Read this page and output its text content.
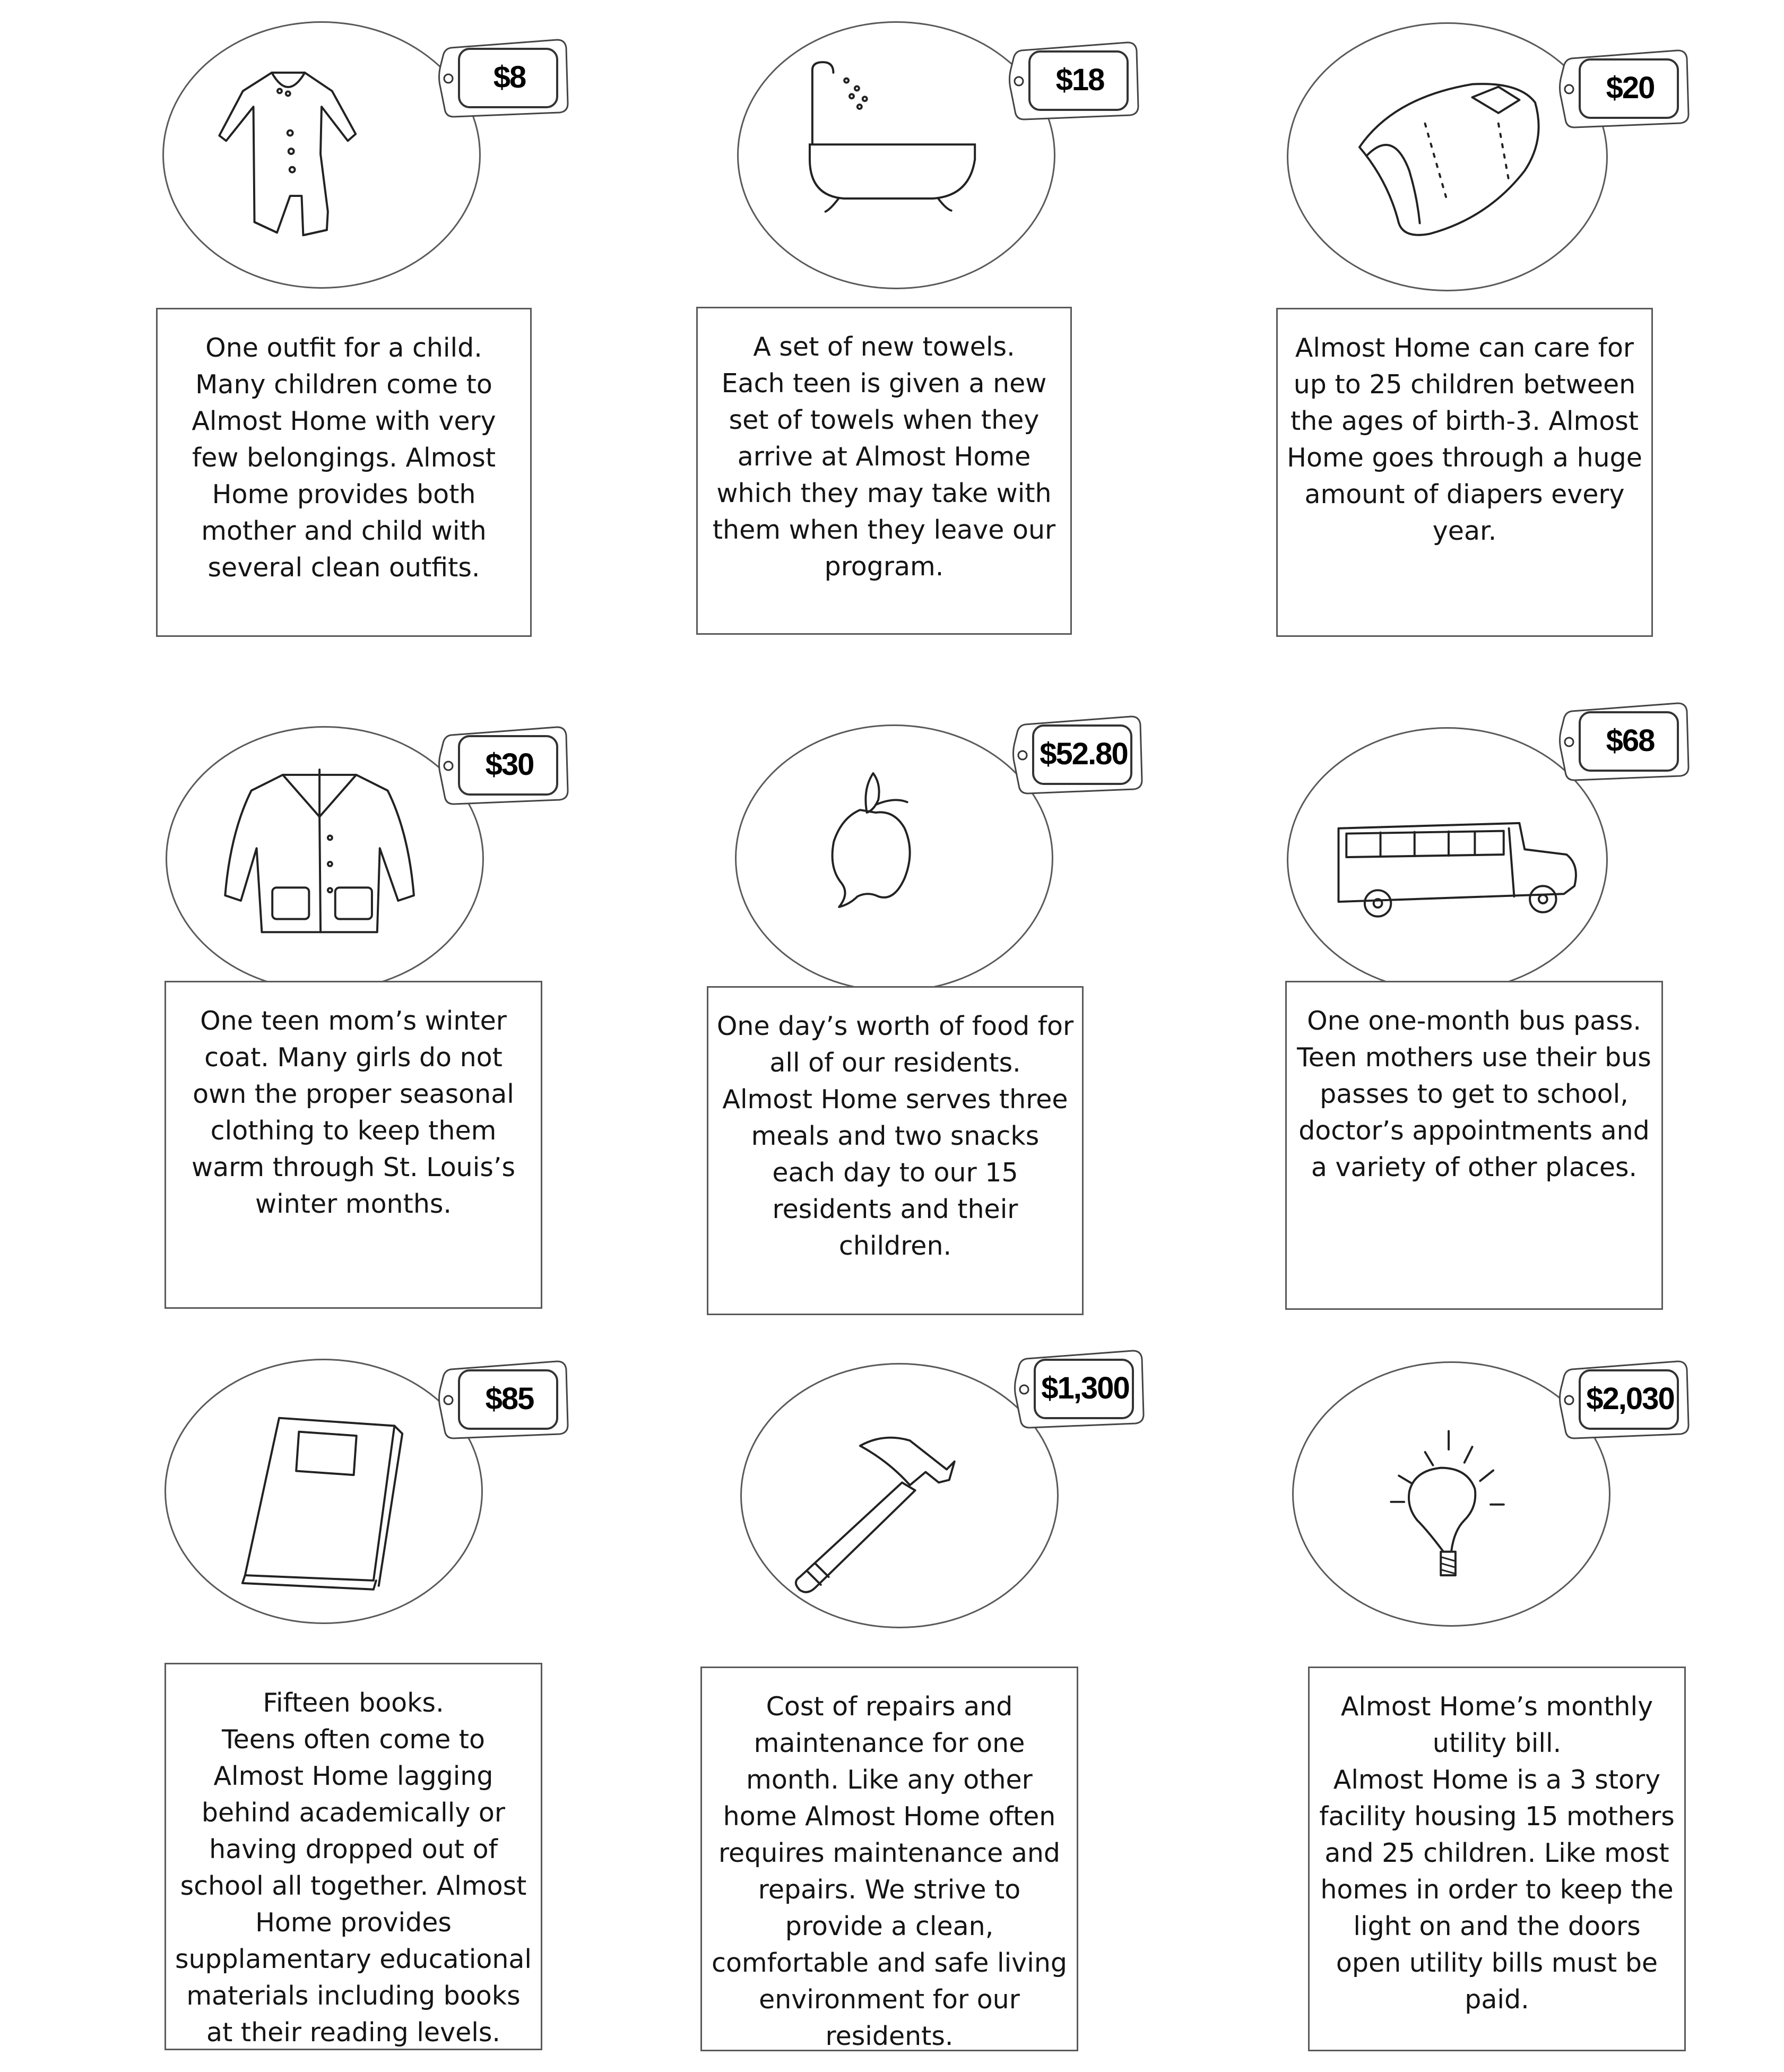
$8
One outfit for a child.
Many children come to Almost Home with very few belongings. Almost Home provides both mother and child with several clean outfits.
$18
A set of new towels.
Each teen is given a new set of towels when they arrive at Almost Home which they may take with them when they leave our program.
$20
Almost Home can care for up to 25 children between the ages of birth-3. Almost Home goes through a huge amount of diapers every year.
$30
One teen mom’s winter coat. Many girls do not own the proper seasonal clothing to keep them warm through St. Louis’s winter months.
$52.80
One day’s worth of food for all of our residents.
Almost Home serves three meals and two snacks each day to our 15 residents and their children.
$68
One one-month bus pass.
Teen mothers use their bus passes to get to school, doctor’s appointments and a variety of other places.
$85
Fifteen books.
Teens often come to Almost Home lagging behind academically or having dropped out of school all together. Almost Home provides supplamentary educational materials including books at their reading levels.
$1,300
Cost of repairs and maintenance for one month. Like any other home Almost Home often requires maintenance and repairs. We strive to provide a clean, comfortable and safe living environment for our residents.
$2,030
Almost Home’s monthly utility bill.
Almost Home is a 3 story facility housing 15 mothers and 25 children. Like most homes in order to keep the light on and the doors open utility bills must be paid.
